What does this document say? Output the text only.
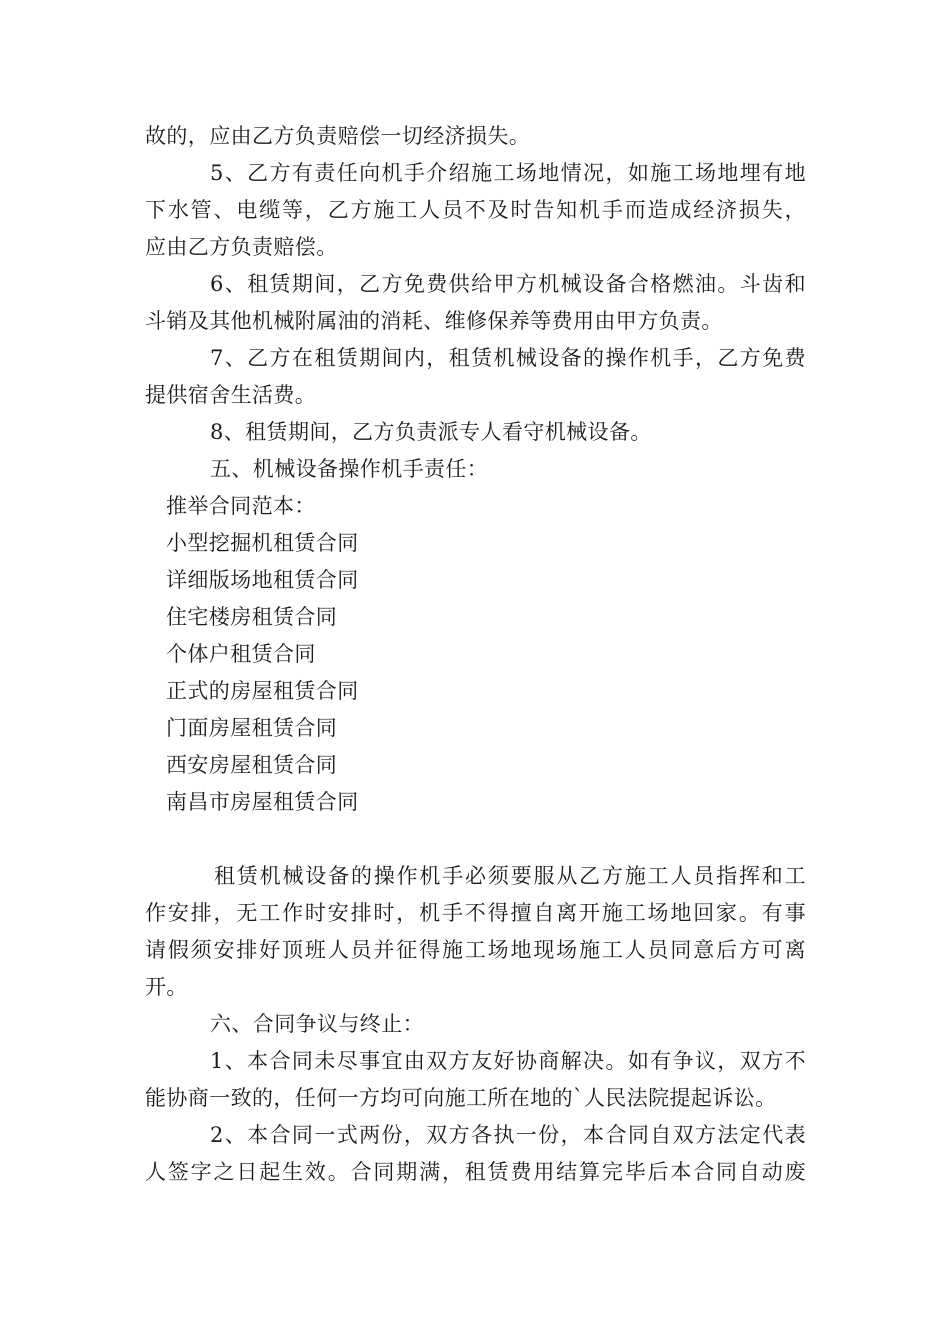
故的，应由乙方负责赔偿一切经济损失。
5、乙方有责任向机手介绍施工场地情况，如施工场地埋有地
下水管、电缆等，乙方施工人员不及时告知机手而造成经济损失，
应由乙方负责赔偿。
6、租赁期间，乙方免费供给甲方机械设备合格燃油。斗齿和
斗销及其他机械附属油的消耗、维修保养等费用由甲方负责。
7、乙方在租赁期间内，租赁机械设备的操作机手，乙方免费
提供宿舍生活费。
8、租赁期间，乙方负责派专人看守机械设备。
五、机械设备操作机手责任：
推举合同范本：
小型挖掘机租赁合同
详细版场地租赁合同
住宅楼房租赁合同
个体户租赁合同
正式的房屋租赁合同
门面房屋租赁合同
西安房屋租赁合同
南昌市房屋租赁合同
租赁机械设备的操作机手必须要服从乙方施工人员指挥和工
作安排，无工作时安排时，机手不得擅自离开施工场地回家。有事
请假须安排好顶班人员并征得施工场地现场施工人员同意后方可离
开。
六、合同争议与终止：
1、本合同未尽事宜由双方友好协商解决。如有争议，双方不
能协商一致的，任何一方均可向施工所在地的`人民法院提起诉讼。
2、本合同一式两份，双方各执一份，本合同自双方法定代表
人签字之日起生效。合同期满，租赁费用结算完毕后本合同自动废
